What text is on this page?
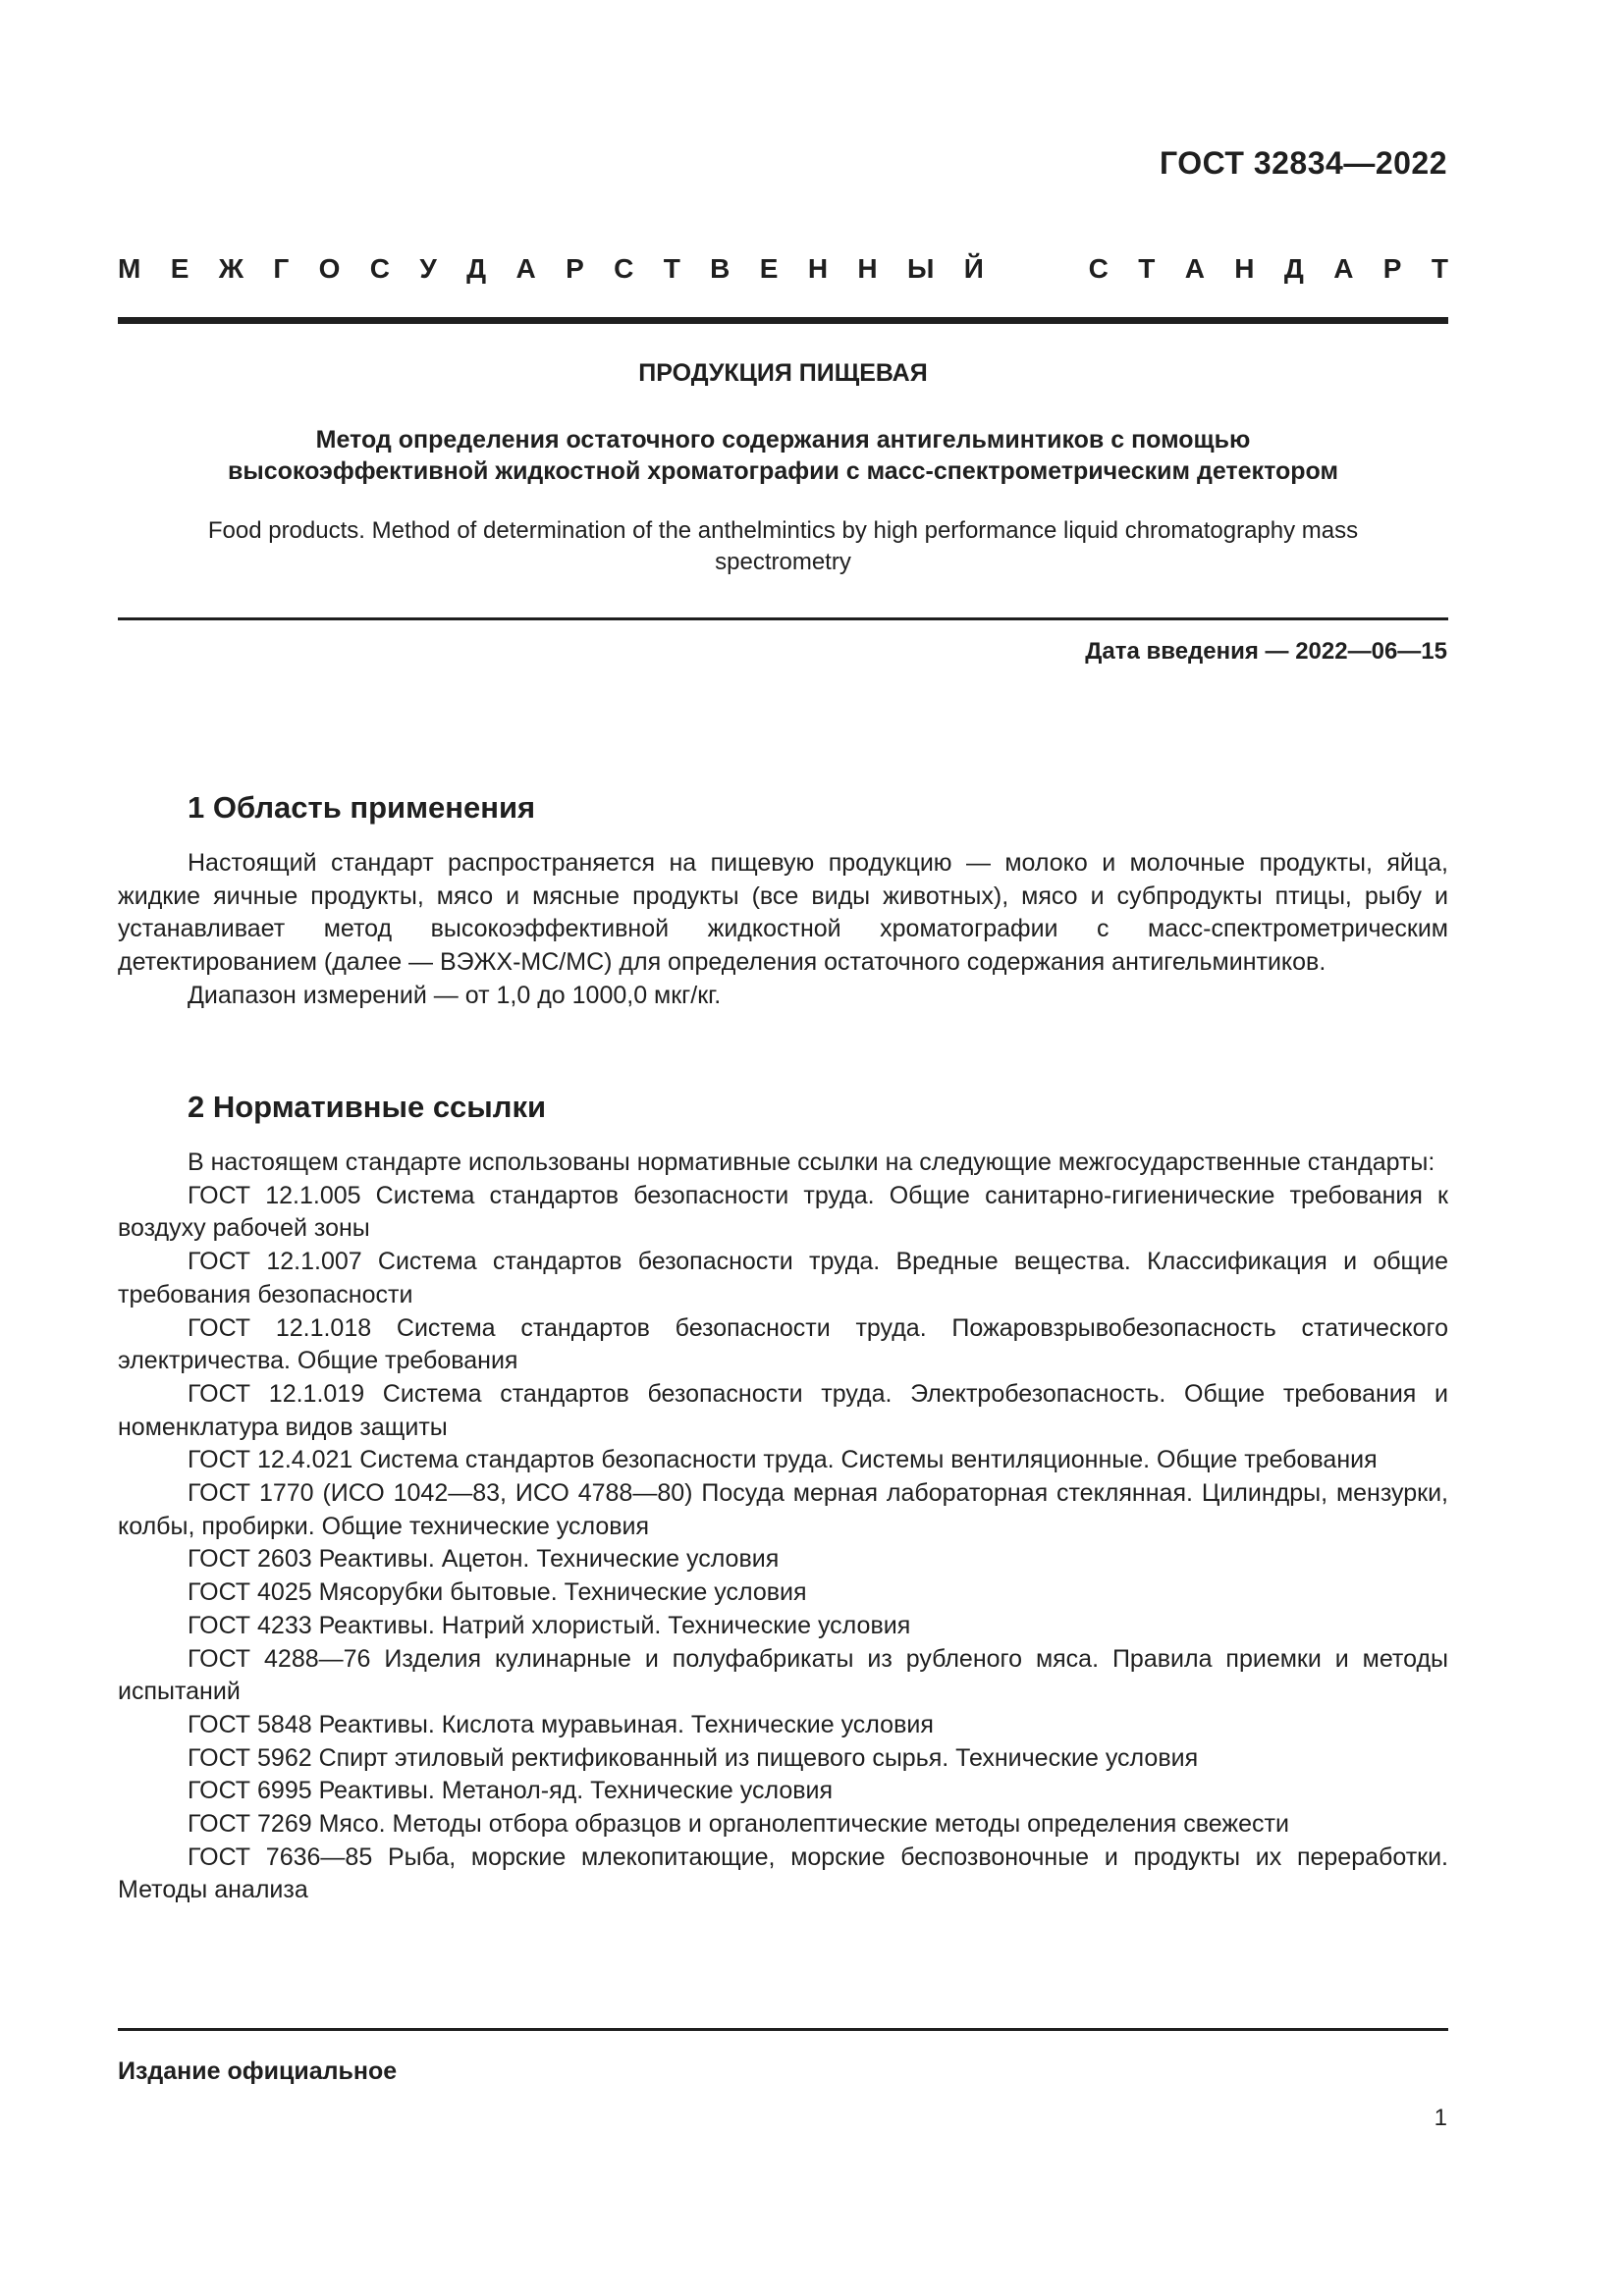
ГОСТ 32834—2022
М Е Ж Г О С У Д А Р С Т В Е Н Н Ы Й	С Т А Н Д А Р Т
ПРОДУКЦИЯ ПИЩЕВАЯ
Метод определения остаточного содержания антигельминтиков с помощью
высокоэффективной жидкостной хроматографии с масс-спектрометрическим детектором
Food products. Method of determination of the anthelmintics by high performance liquid chromatography mass
spectrometry
Дата введения — 2022—06—15
1 Область применения

Настоящий стандарт распространяется на пищевую продукцию — молоко и молочные продукты, яйца, жидкие яичные продукты, мясо и мясные продукты (все виды животных), мясо и субпродукты птицы, рыбу и устанавливает метод высокоэффективной жидкостной хроматографии с масс-спектрометрическим детектированием (далее — ВЭЖХ-МС/МС) для определения остаточного содержания антигельминтиков.

Диапазон измерений — от 1,0 до 1000,0 мкг/кг.

2 Нормативные ссылки

В настоящем стандарте использованы нормативные ссылки на следующие межгосударственные стандарты:

ГОСТ 12.1.005 Система стандартов безопасности труда. Общие санитарно-гигиенические требования к воздуху рабочей зоны

ГОСТ 12.1.007 Система стандартов безопасности труда. Вредные вещества. Классификация и общие требования безопасности

ГОСТ 12.1.018 Система стандартов безопасности труда. Пожаровзрывобезопасность статического электричества. Общие требования

ГОСТ 12.1.019 Система стандартов безопасности труда. Электробезопасность. Общие требования и номенклатура видов защиты

ГОСТ 12.4.021 Система стандартов безопасности труда. Системы вентиляционные. Общие требования

ГОСТ 1770 (ИСО 1042—83, ИСО 4788—80) Посуда мерная лабораторная стеклянная. Цилиндры, мензурки, колбы, пробирки. Общие технические условия

ГОСТ 2603 Реактивы. Ацетон. Технические условия

ГОСТ 4025 Мясорубки бытовые. Технические условия

ГОСТ 4233 Реактивы. Натрий хлористый. Технические условия

ГОСТ 4288—76 Изделия кулинарные и полуфабрикаты из рубленого мяса. Правила приемки и методы испытаний

ГОСТ 5848 Реактивы. Кислота муравьиная. Технические условия

ГОСТ 5962 Спирт этиловый ректификованный из пищевого сырья. Технические условия

ГОСТ 6995 Реактивы. Метанол-яд. Технические условия

ГОСТ 7269 Мясо. Методы отбора образцов и органолептические методы определения свежести

ГОСТ 7636—85 Рыба, морские млекопитающие, морские беспозвоночные и продукты их переработки. Методы анализа

Издание официальное
1
